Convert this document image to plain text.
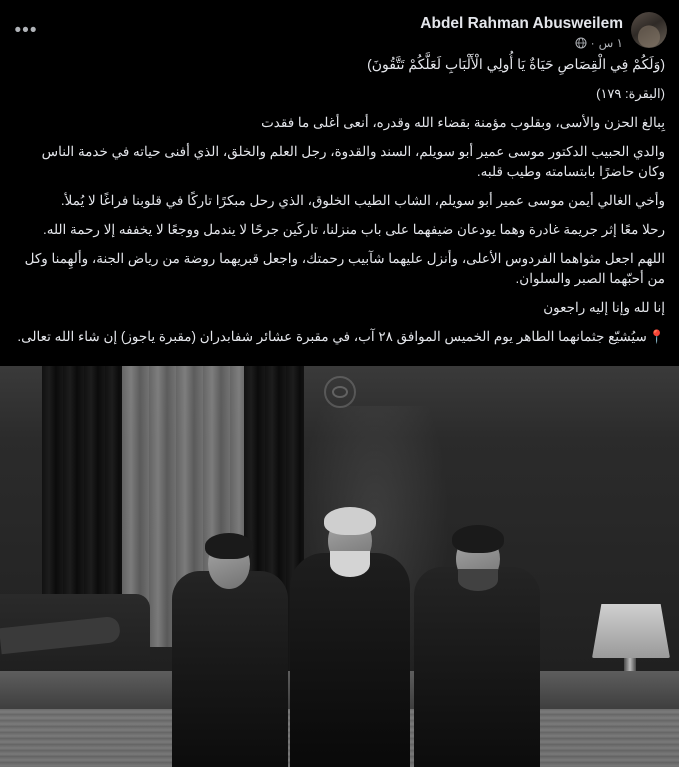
•••	Abdel Rahman Abusweilem
١ س
·

(وَلَكُمْ فِي الْقِصَاصِ حَيَاةٌ يَا أُولِي الْأَلْبَابِ لَعَلَّكُمْ تَتَّقُونَ)

(البقرة: ١٧٩)

بِبالغ الحزن والأسى، وبقلوب مؤمنة بقضاء الله وقدره، أنعى أغلى ما فقدت

والدي الحبيب الدكتور موسى عمير أبو سويلم، السند والقدوة، رجل العلم والخلق، الذي أفنى حياته في خدمة الناس وكان حاضرًا بابتسامته وطيب قلبه.

وأخي الغالي أيمن موسى عمير أبو سويلم، الشاب الطيب الخلوق، الذي رحل مبكرًا تاركًا في قلوبنا فراغًا لا يُملأ.

رحلا معًا إثر جريمة غادرة وهما يودعان ضيفهما على باب منزلنا، تاركَين جرحًا لا يندمل ووجعًا لا يخففه إلا رحمة الله.

اللهم اجعل مثواهما الفردوس الأعلى، وأنزل عليهما شآبيب رحمتك، واجعل قبريهما روضة من رياض الجنة، وألهِمنا وكل من أحبّهما الصبر والسلوان.

إنا لله وإنا إليه راجعون

📍سيُشيّع جثمانهما الطاهر يوم الخميس الموافق ٢٨ آب، في مقبرة عشائر شفابدران (مقبرة ياجوز) إن شاء الله تعالى.
